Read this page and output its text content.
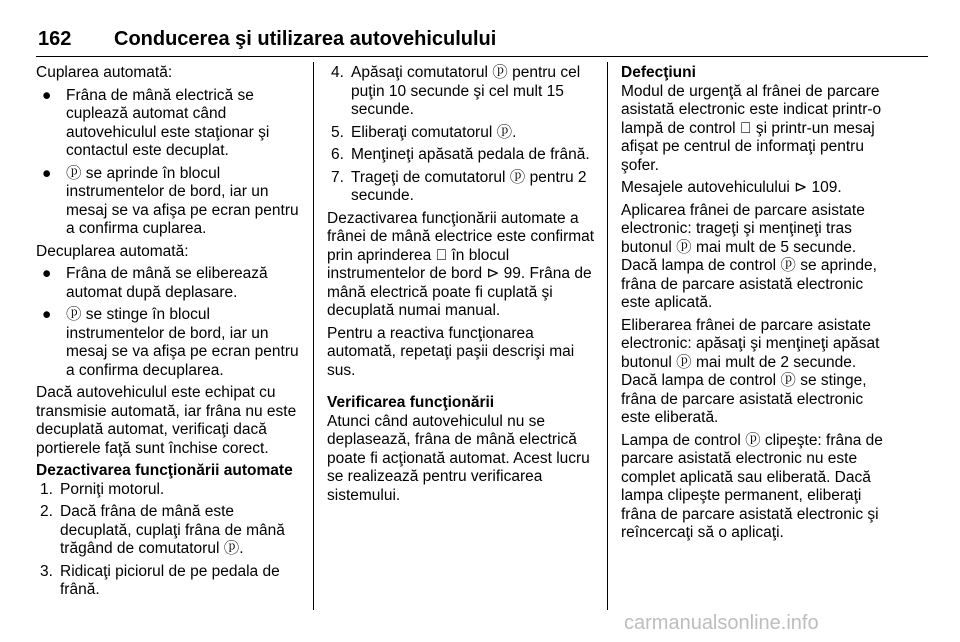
162 Conducerea şi utilizarea autovehiculului

Cuplarea automată:

● Frâna de mână electrică se cuplează automat când autovehiculul este staţionar şi contactul este decuplat.
● ⓟ se aprinde în blocul instrumentelor de bord, iar un mesaj se va afişa pe ecran pentru a confirma cuplarea.

Decuplarea automată:

● Frâna de mână se eliberează automat după deplasare.
● ⓟ se stinge în blocul instrumentelor de bord, iar un mesaj se va afişa pe ecran pentru a confirma decuplarea.

Dacă autovehiculul este echipat cu transmisie automată, iar frâna nu este decuplată automat, verificaţi dacă portierele faţă sunt închise corect.

Dezactivarea funcţionării automate

1. Porniţi motorul.
2. Dacă frâna de mână este decuplată, cuplaţi frâna de mână trăgând de comutatorul ⓟ.
3. Ridicaţi piciorul de pe pedala de frână.
4. Apăsaţi comutatorul ⓟ pentru cel puţin 10 secunde şi cel mult 15 secunde.
5. Eliberaţi comutatorul ⓟ.
6. Menţineţi apăsată pedala de frână.
7. Trageţi de comutatorul ⓟ pentru 2 secunde.

Dezactivarea funcţionării automate a frânei de mână electrice este confirmat prin aprinderea ⃞ în blocul instrumentelor de bord ⊳ 99. Frâna de mână electrică poate fi cuplată şi decuplată numai manual.

Pentru a reactiva funcţionarea automată, repetaţi paşii descrişi mai sus.

Verificarea funcţionării

Atunci când autovehiculul nu se deplasează, frâna de mână electrică poate fi acţionată automat. Acest lucru se realizează pentru verificarea sistemului.

Defecţiuni

Modul de urgenţă al frânei de parcare asistată electronic este indicat printr-o lampă de control ⃞ şi printr-un mesaj afişat pe centrul de informaţi pentru şofer.

Mesajele autovehiculului ⊳ 109.

Aplicarea frânei de parcare asistate electronic: trageţi şi menţineţi tras butonul ⓟ mai mult de 5 secunde. Dacă lampa de control ⓟ se aprinde, frâna de parcare asistată electronic este aplicată.

Eliberarea frânei de parcare asistate electronic: apăsaţi şi menţineţi apăsat butonul ⓟ mai mult de 2 secunde. Dacă lampa de control ⓟ se stinge, frâna de parcare asistată electronic este eliberată.

Lampa de control ⓟ clipeşte: frâna de parcare asistată electronic nu este complet aplicată sau eliberată. Dacă lampa clipeşte permanent, eliberaţi frâna de parcare asistată electronic şi reîncercaţi să o aplicaţi.

carmanualsonline.info
